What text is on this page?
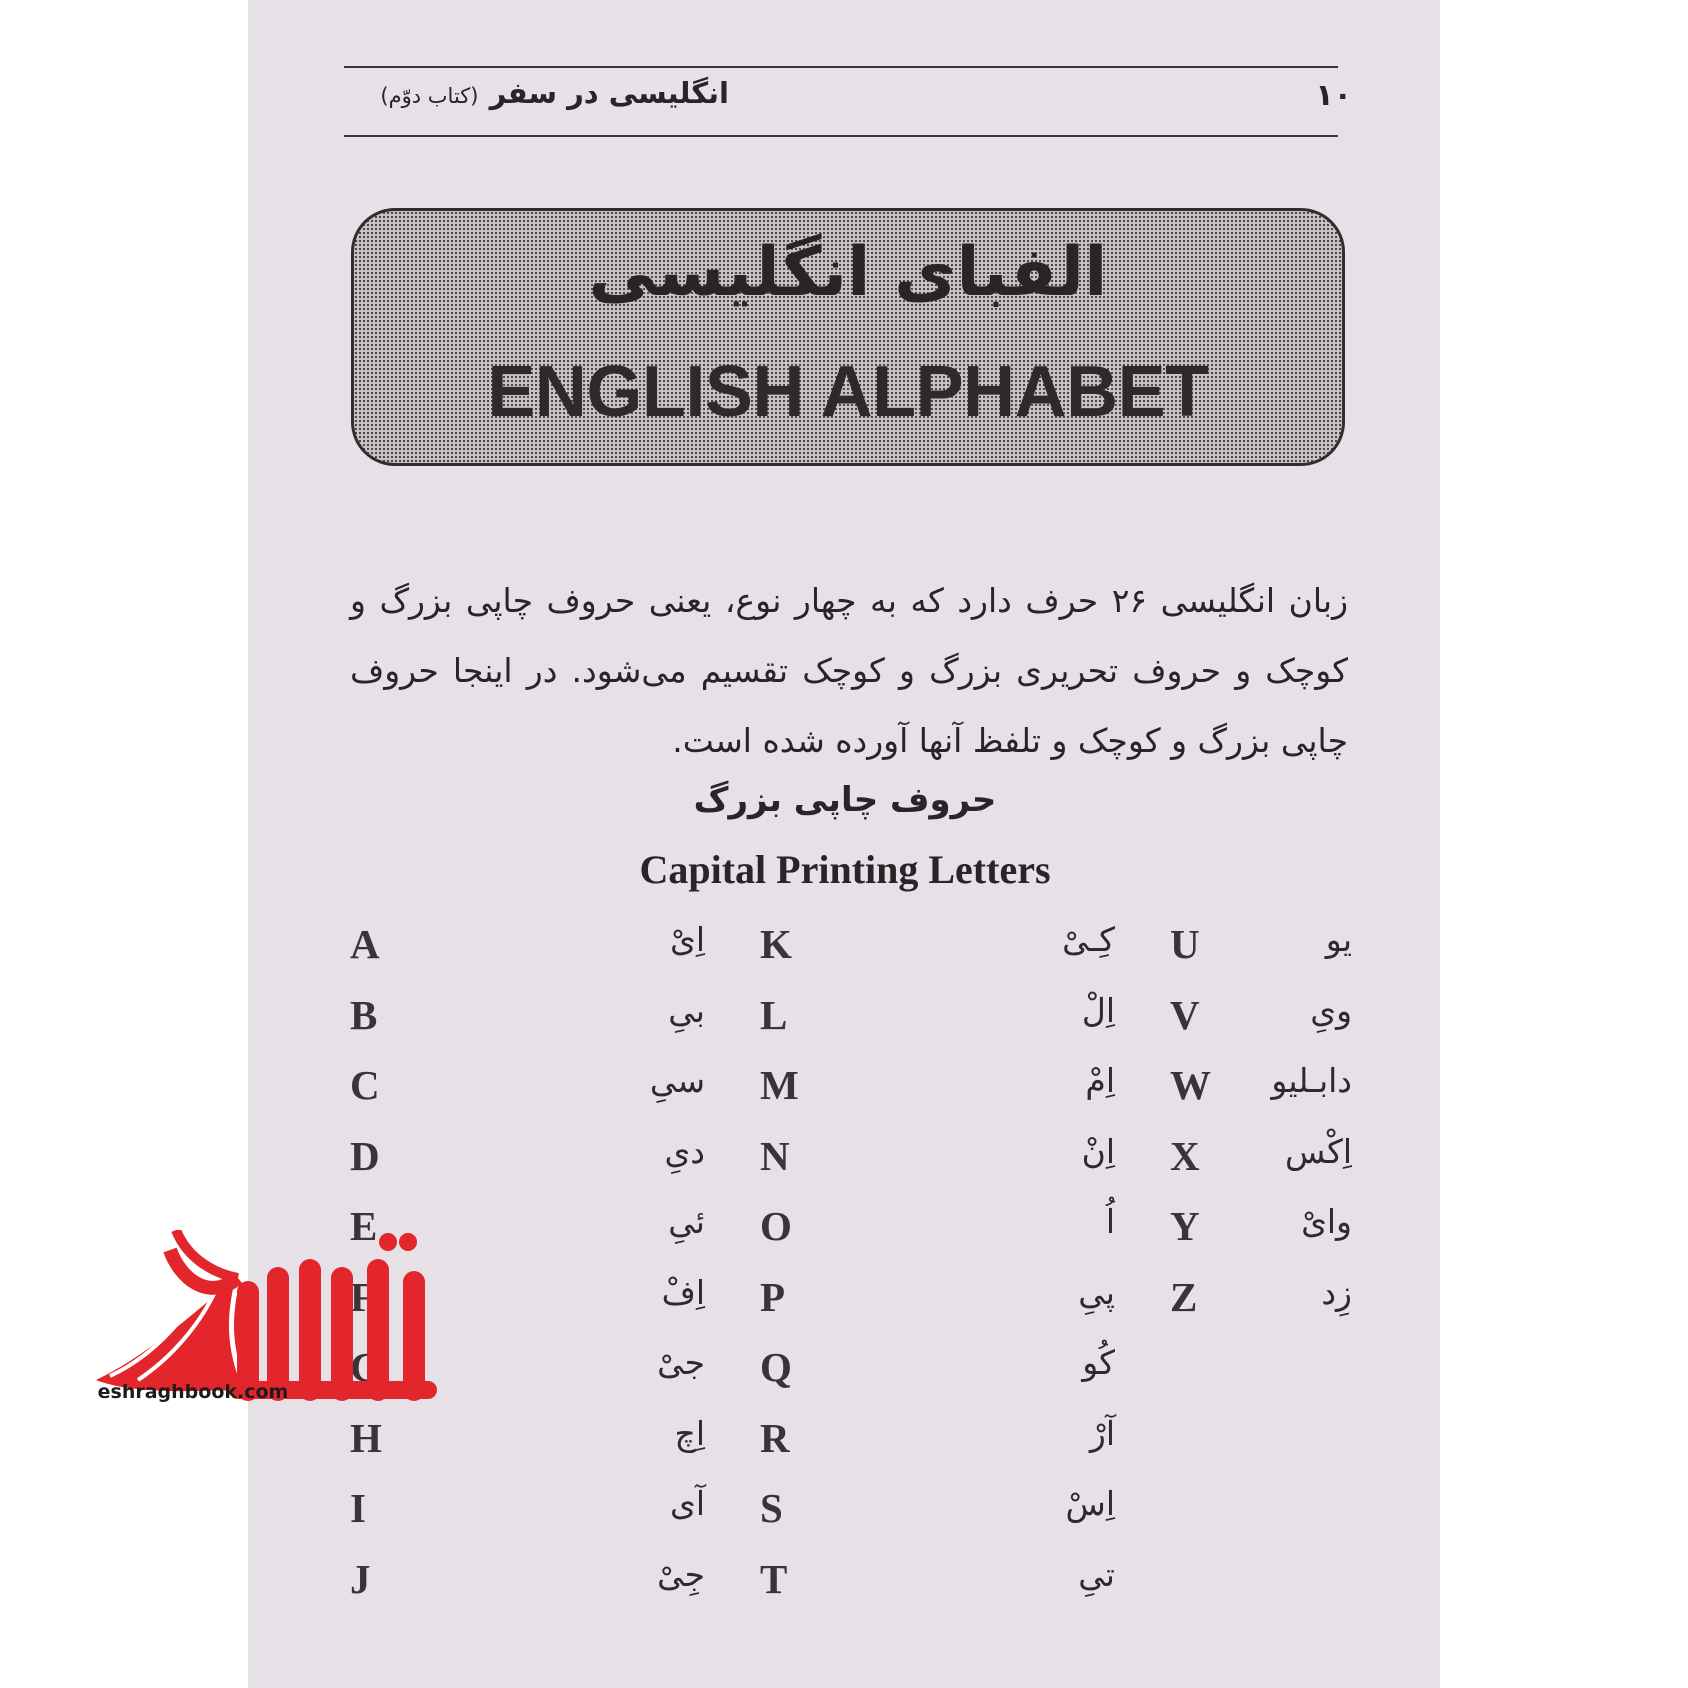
۱۰
انگلیسی در سفر (کتاب دوّم)
الفبای انگلیسی
ENGLISH ALPHABET
زبان انگلیسی ۲۶ حرف دارد که به چهار نوع، یعنی حروف چاپی بزرگ و کوچک و حروف تحریری بزرگ و کوچک تقسیم می‌شود. در اینجا حروف چاپی بزرگ و کوچک و تلفظ آنها آورده شده است.
حروف چاپی بزرگ
Capital Printing Letters
A	اِیْ
B	بیِ
C	سیِ
D	دیِ
E	ئیِ
F	اِفْ
G	جیْ
H	اِچ
I	آی
J	جِیْ
K	کِـیْ
L	اِلْ
M	اِمْ
N	اِنْ
O	اُ
P	پیِ
Q	کُو
R	آرْ
S	اِسْ
T	تیِ
U	یو
V	ویِ
W	دابـلیو
X	اِکْس
Y	وایْ
Z	زِد
eshraghbook.com
